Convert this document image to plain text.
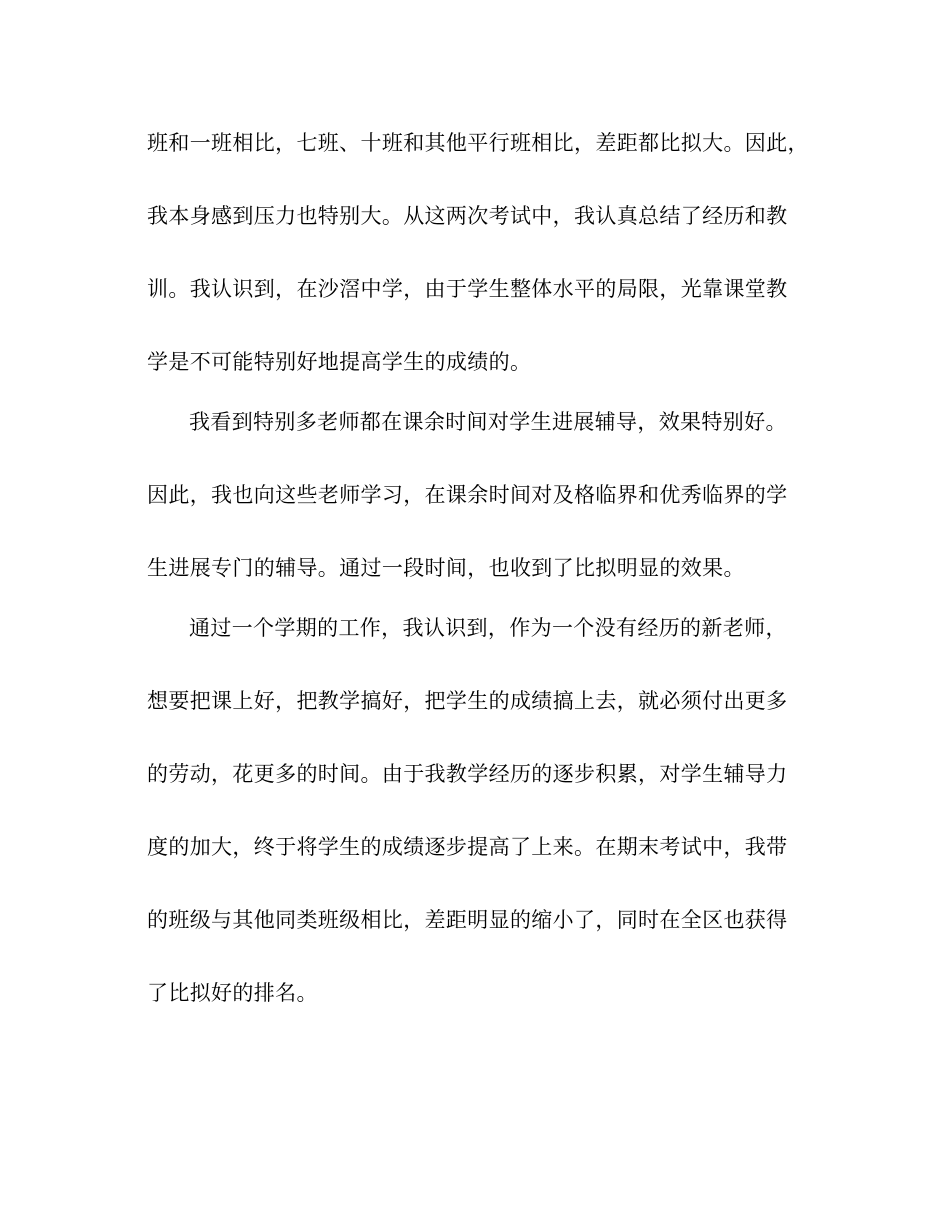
班和一班相比，七班、十班和其他平行班相比，差距都比拟大。因此，
我本身感到压力也特别大。从这两次考试中，我认真总结了经历和教
训。我认识到，在沙滘中学，由于学生整体水平的局限，光靠课堂教
学是不可能特别好地提高学生的成绩的。
我看到特别多老师都在课余时间对学生进展辅导，效果特别好。
因此，我也向这些老师学习，在课余时间对及格临界和优秀临界的学
生进展专门的辅导。通过一段时间，也收到了比拟明显的效果。
通过一个学期的工作，我认识到，作为一个没有经历的新老师，
想要把课上好，把教学搞好，把学生的成绩搞上去，就必须付出更多
的劳动，花更多的时间。由于我教学经历的逐步积累，对学生辅导力
度的加大，终于将学生的成绩逐步提高了上来。在期末考试中，我带
的班级与其他同类班级相比，差距明显的缩小了，同时在全区也获得
了比拟好的排名。
